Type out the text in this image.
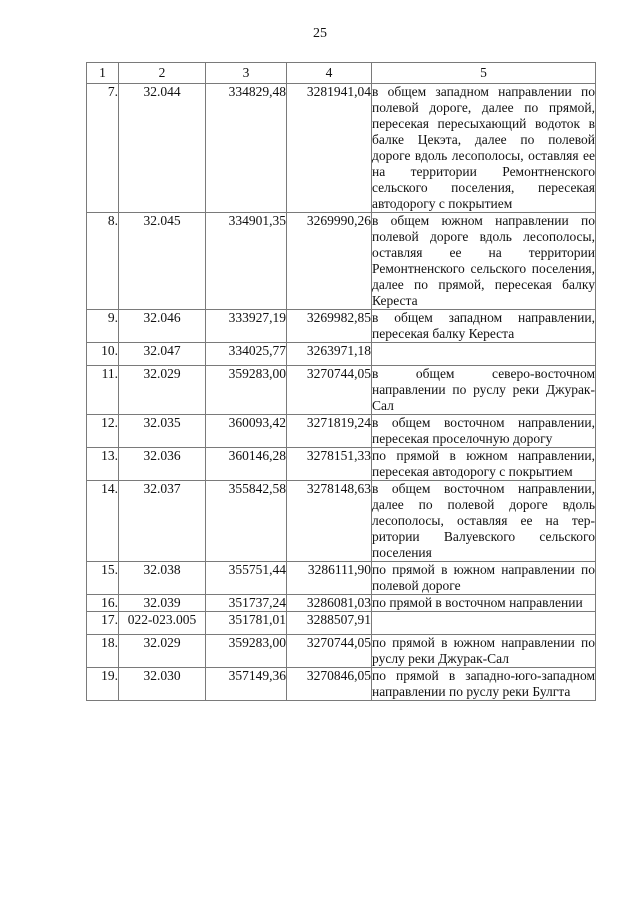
25
1	2	3	4	5
7.	32.044	334829,48	3281941,04	в общем западном направлении по полевой дороге, далее по прямой, пересекая пересыхающий водоток в балке Цекэта, далее по полевой дороге вдоль лесополосы, оставляя ее на территории Ремонтненского сельского поселения, пересекая автодорогу с покрытием
8.	32.045	334901,35	3269990,26	в общем южном направлении по полевой дороге вдоль лесополосы, оставляя ее на территории Ремонтненского сельского поселения, далее по прямой, пересекая балку Кереста
9.	32.046	333927,19	3269982,85	в общем западном направлении, пересекая балку Кереста
10.	32.047	334025,77	3263971,18	
11.	32.029	359283,00	3270744,05	в общем северо-восточном направлении по руслу реки Джурак-Сал
12.	32.035	360093,42	3271819,24	в общем восточном направлении, пересекая проселочную дорогу
13.	32.036	360146,28	3278151,33	по прямой в южном направлении, пересекая автодорогу с покрытием
14.	32.037	355842,58	3278148,63	в общем восточном направлении, далее по полевой дороге вдоль лесополосы, оставляя ее на территории Валуевского сельского поселения
15.	32.038	355751,44	3286111,90	по прямой в южном направлении по полевой дороге
16.	32.039	351737,24	3286081,03	по прямой в восточном направлении
17.	022-023.005	351781,01	3288507,91	
18.	32.029	359283,00	3270744,05	по прямой в южном направлении по руслу реки Джурак-Сал
19.	32.030	357149,36	3270846,05	по прямой в западно-юго-западном направлении по руслу реки Булгта
